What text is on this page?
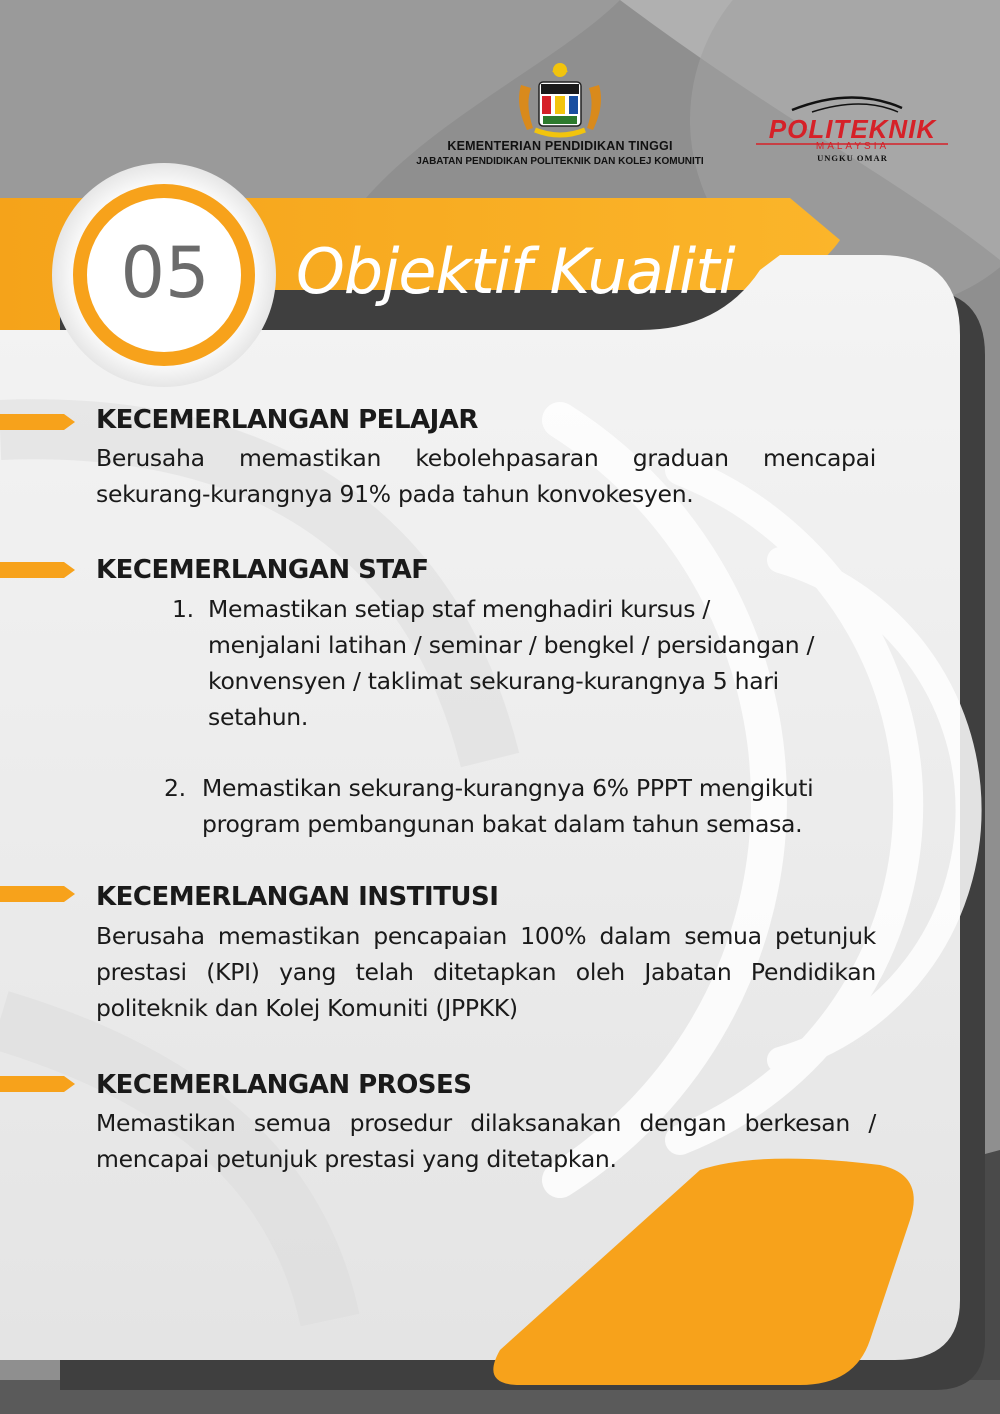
KEMENTERIAN PENDIDIKAN TINGGI
JABATAN PENDIDIKAN POLITEKNIK DAN KOLEJ KOMUNITI
POLITEKNIK
MALAYSIA
UNGKU OMAR
05	Objektif Kualiti
KECEMERLANGAN PELAJAR
Berusaha memastikan kebolehpasaran graduan mencapai sekurang-kurangnya 91% pada tahun konvokesyen.
KECEMERLANGAN STAF
1. Memastikan setiap staf menghadiri kursus /
menjalani latihan / seminar / bengkel / persidangan /
konvensyen / taklimat sekurang-kurangnya 5 hari
setahun.
2. Memastikan sekurang-kurangnya 6% PPPT mengikuti
program pembangunan bakat dalam tahun semasa.
KECEMERLANGAN INSTITUSI
Berusaha memastikan pencapaian 100% dalam semua petunjuk prestasi (KPI) yang telah ditetapkan oleh Jabatan Pendidikan politeknik dan Kolej Komuniti (JPPKK)
KECEMERLANGAN PROSES
Memastikan semua prosedur dilaksanakan dengan berkesan / mencapai petunjuk prestasi yang ditetapkan.
